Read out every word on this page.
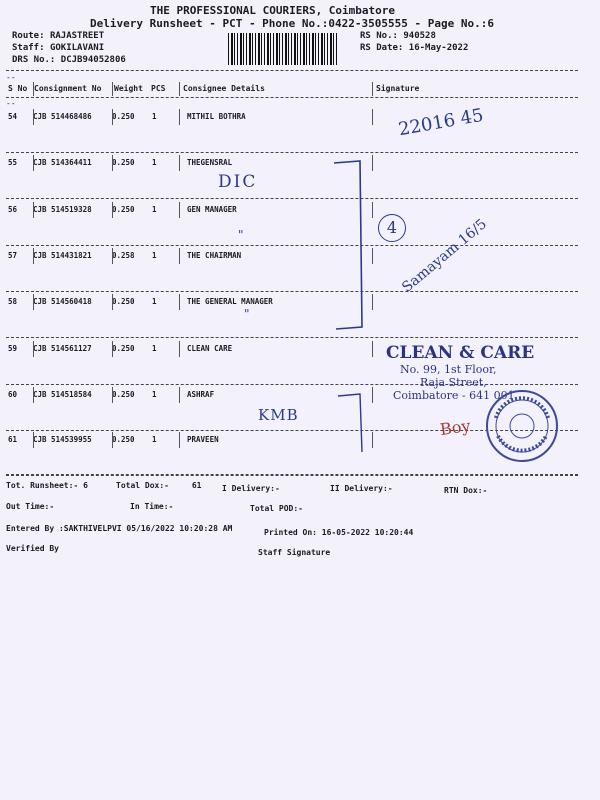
THE PROFESSIONAL COURIERS, Coimbatore
Delivery Runsheet - PCT - Phone No.:0422-3505555 - Page No.:6
Route: RAJASTREET
Staff: GOKILAVANI
DRS No.: DCJB94052806
RS No.: 940528
RS Date: 16-May-2022
--
S No Consignment No Weight PCS Consignee Details	Signature
--
54 CJB 514468486	0.250 1	MITHIL BOTHRA
55 CJB 514364411	0.250 1	THEGENSRAL
56 CJB 514519328	0.250 1	GEN MANAGER
57 CJB 514431821	0.258 1	THE CHAIRMAN
58 CJB 514560418	0.250 1	THE GENERAL MANAGER
59 CJB 514561127	0.250 1	CLEAN CARE
60 CJB 514518584	0.250 1	ASHRAF
61 CJB 514539955	0.250 1	PRAVEEN
22016 45
DIC
4 Samayam 16/5
"
"
KMB
Boy
CLEAN & CARE
No. 99, 1st Floor,
Raja Street,
Coimbatore - 641 001
Tot. Runsheet:- 6	Total Dox:-	61	I Delivery:-	II Delivery:-	RTN Dox:-
Out Time:-	In Time:-	Total POD:-
Entered By :SAKTHIVELPVI 05/16/2022 10:20:28 AM	Printed On: 16-05-2022 10:20:44
Verified By	Staff Signature
